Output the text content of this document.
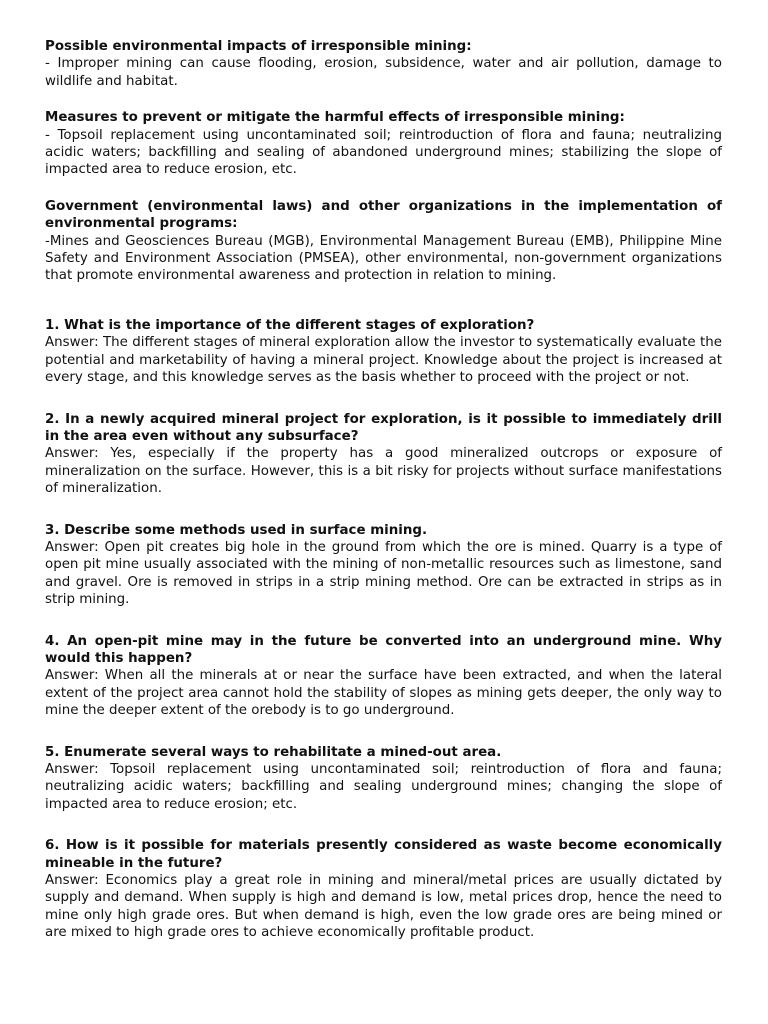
Possible environmental impacts of irresponsible mining:

- Improper mining can cause flooding, erosion, subsidence, water and air pollution, damage to wildlife and habitat.

Measures to prevent or mitigate the harmful effects of irresponsible mining:

- Topsoil replacement using uncontaminated soil; reintroduction of flora and fauna; neutralizing acidic waters; backfilling and sealing of abandoned underground mines; stabilizing the slope of impacted area to reduce erosion, etc.

Government (environmental laws) and other organizations in the implementation of environmental programs:

-Mines and Geosciences Bureau (MGB), Environmental Management Bureau (EMB), Philippine Mine Safety and Environment Association (PMSEA), other environmental, non-government organizations that promote environmental awareness and protection in relation to mining.

1. What is the importance of the different stages of exploration?

Answer: The different stages of mineral exploration allow the investor to systematically evaluate the potential and marketability of having a mineral project. Knowledge about the project is increased at every stage, and this knowledge serves as the basis whether to proceed with the project or not.

2. In a newly acquired mineral project for exploration, is it possible to immediately drill in the area even without any subsurface?

Answer: Yes, especially if the property has a good mineralized outcrops or exposure of mineralization on the surface. However, this is a bit risky for projects without surface manifestations of mineralization.

3. Describe some methods used in surface mining.

Answer: Open pit creates big hole in the ground from which the ore is mined. Quarry is a type of open pit mine usually associated with the mining of non-metallic resources such as limestone, sand and gravel. Ore is removed in strips in a strip mining method. Ore can be extracted in strips as in strip mining.

4. An open-pit mine may in the future be converted into an underground mine. Why would this happen?

Answer: When all the minerals at or near the surface have been extracted, and when the lateral extent of the project area cannot hold the stability of slopes as mining gets deeper, the only way to mine the deeper extent of the orebody is to go underground.

5. Enumerate several ways to rehabilitate a mined-out area.

Answer: Topsoil replacement using uncontaminated soil; reintroduction of flora and fauna; neutralizing acidic waters; backfilling and sealing underground mines; changing the slope of impacted area to reduce erosion; etc.

6. How is it possible for materials presently considered as waste become economically mineable in the future?

Answer: Economics play a great role in mining and mineral/metal prices are usually dictated by supply and demand. When supply is high and demand is low, metal prices drop, hence the need to mine only high grade ores. But when demand is high, even the low grade ores are being mined or are mixed to high grade ores to achieve economically profitable product.
